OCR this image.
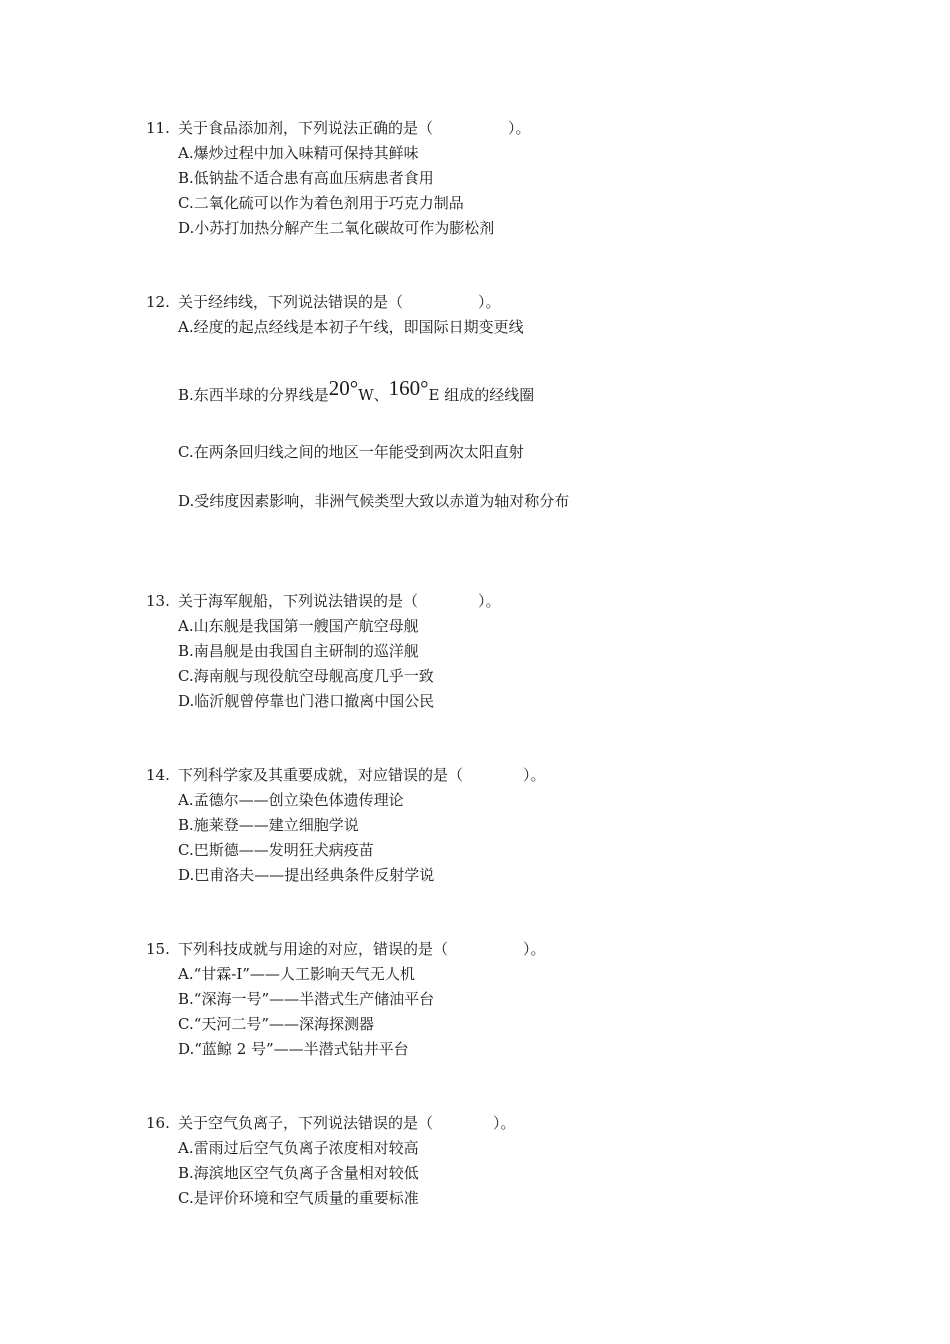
11. 关于食品添加剂，下列说法正确的是（　　　　　）。
A.爆炒过程中加入味精可保持其鲜味
B.低钠盐不适合患有高血压病患者食用
C.二氧化硫可以作为着色剂用于巧克力制品
D.小苏打加热分解产生二氧化碳故可作为膨松剂
12. 关于经纬线，下列说法错误的是（　　　　　）。
A.经度的起点经线是本初子午线，即国际日期变更线
B.东西半球的分界线是20°W、160°E 组成的经线圈
C.在两条回归线之间的地区一年能受到两次太阳直射
D.受纬度因素影响，非洲气候类型大致以赤道为轴对称分布
13. 关于海军舰船，下列说法错误的是（　　　　）。
A.山东舰是我国第一艘国产航空母舰
B.南昌舰是由我国自主研制的巡洋舰
C.海南舰与现役航空母舰高度几乎一致
D.临沂舰曾停靠也门港口撤离中国公民
14. 下列科学家及其重要成就，对应错误的是（　　　　）。
A.孟德尔——创立染色体遗传理论
B.施莱登——建立细胞学说
C.巴斯德——发明狂犬病疫苗
D.巴甫洛夫——提出经典条件反射学说
15. 下列科技成就与用途的对应，错误的是（　　　　　）。
A.“甘霖-Ⅰ”——人工影响天气无人机
B.“深海一号”——半潜式生产储油平台
C.“天河二号”——深海探测器
D.“蓝鲸 2 号”——半潜式钻井平台
16. 关于空气负离子，下列说法错误的是（　　　　）。
A.雷雨过后空气负离子浓度相对较高
B.海滨地区空气负离子含量相对较低
C.是评价环境和空气质量的重要标准
